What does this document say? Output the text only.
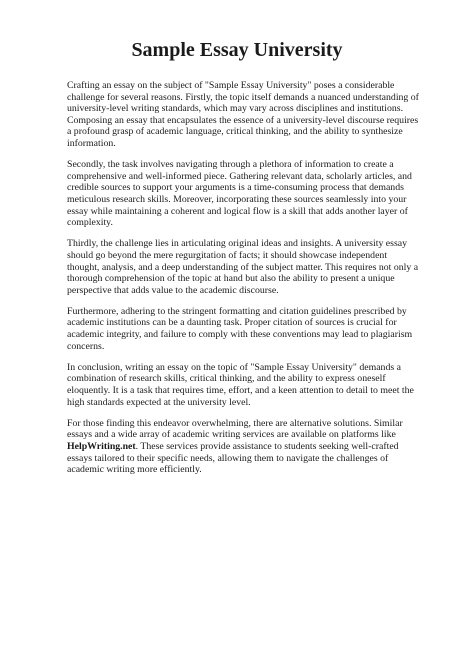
Sample Essay University

Crafting an essay on the subject of "Sample Essay University" poses a considerable challenge for several reasons. Firstly, the topic itself demands a nuanced understanding of university-level writing standards, which may vary across disciplines and institutions. Composing an essay that encapsulates the essence of a university-level discourse requires a profound grasp of academic language, critical thinking, and the ability to synthesize information.

Secondly, the task involves navigating through a plethora of information to create a comprehensive and well-informed piece. Gathering relevant data, scholarly articles, and credible sources to support your arguments is a time-consuming process that demands meticulous research skills. Moreover, incorporating these sources seamlessly into your essay while maintaining a coherent and logical flow is a skill that adds another layer of complexity.

Thirdly, the challenge lies in articulating original ideas and insights. A university essay should go beyond the mere regurgitation of facts; it should showcase independent thought, analysis, and a deep understanding of the subject matter. This requires not only a thorough comprehension of the topic at hand but also the ability to present a unique perspective that adds value to the academic discourse.

Furthermore, adhering to the stringent formatting and citation guidelines prescribed by academic institutions can be a daunting task. Proper citation of sources is crucial for academic integrity, and failure to comply with these conventions may lead to plagiarism concerns.

In conclusion, writing an essay on the topic of "Sample Essay University" demands a combination of research skills, critical thinking, and the ability to express oneself eloquently. It is a task that requires time, effort, and a keen attention to detail to meet the high standards expected at the university level.

For those finding this endeavor overwhelming, there are alternative solutions. Similar essays and a wide array of academic writing services are available on platforms like HelpWriting.net. These services provide assistance to students seeking well-crafted essays tailored to their specific needs, allowing them to navigate the challenges of academic writing more efficiently.
